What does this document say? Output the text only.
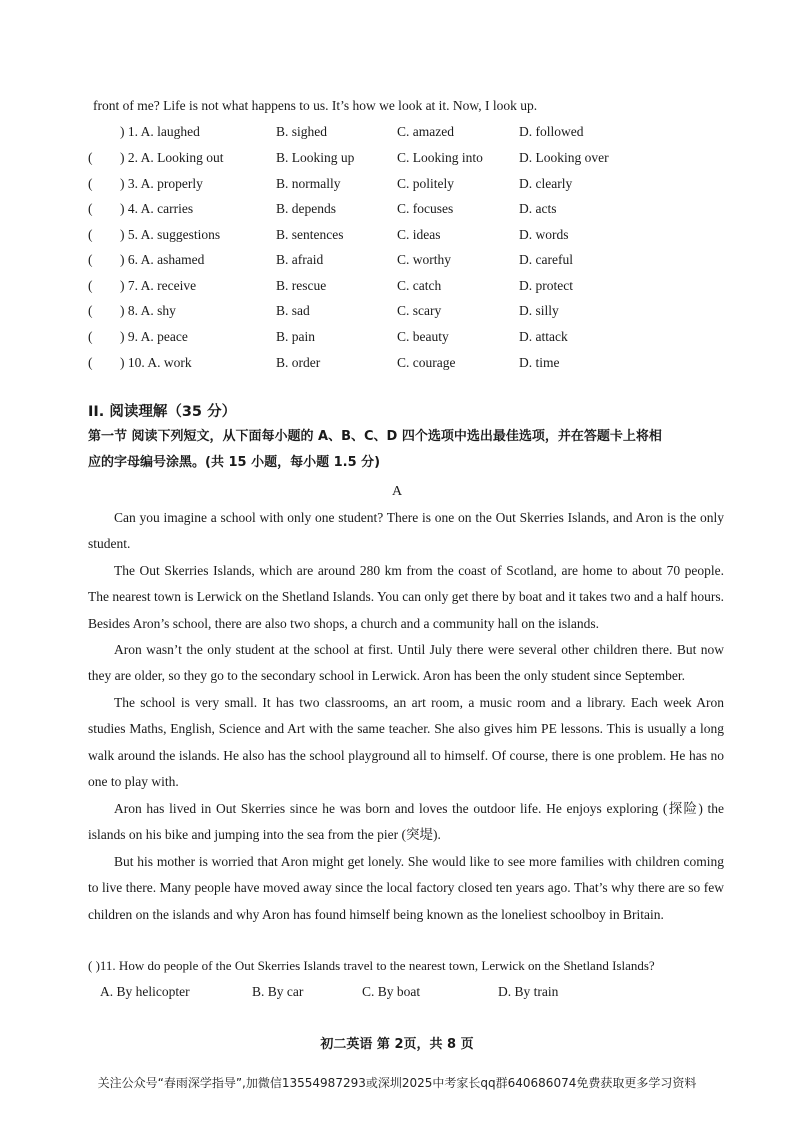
front of me? Life is not what happens to us. It’s how we look at it. Now, I look up.
) 1. A. laughed	B. sighed	C. amazed	D. followed
( ) 2. A. Looking out	B. Looking up	C. Looking into	D. Looking over
( ) 3. A. properly	B. normally	C. politely	D. clearly
( ) 4. A. carries	B. depends	C. focuses	D. acts
( ) 5. A. suggestions	B. sentences	C. ideas	D. words
( ) 6. A. ashamed	B. afraid	C. worthy	D. careful
( ) 7. A. receive	B. rescue	C. catch	D. protect
( ) 8. A. shy	B. sad	C. scary	D. silly
( ) 9. A. peace	B. pain	C. beauty	D. attack
( ) 10. A. work	B. order	C. courage	D. time
II. 阅读理解（35 分）
第一节 阅读下列短文，从下面每小题的 A、B、C、D 四个选项中选出最佳选项，并在答题卡上将相
应的字母编号涂黑。(共 15 小题，每小题 1.5 分)
A

Can you imagine a school with only one student? There is one on the Out Skerries Islands, and Aron is the only student.

The Out Skerries Islands, which are around 280 km from the coast of Scotland, are home to about 70 people. The nearest town is Lerwick on the Shetland Islands. You can only get there by boat and it takes two and a half hours. Besides Aron’s school, there are also two shops, a church and a community hall on the islands.

Aron wasn’t the only student at the school at first. Until July there were several other children there. But now they are older, so they go to the secondary school in Lerwick. Aron has been the only student since September.

The school is very small. It has two classrooms, an art room, a music room and a library. Each week Aron studies Maths, English, Science and Art with the same teacher. She also gives him PE lessons. This is usually a long walk around the islands. He also has the school playground all to himself. Of course, there is one problem. He has no one to play with.

Aron has lived in Out Skerries since he was born and loves the outdoor life. He enjoys exploring (探险) the islands on his bike and jumping into the sea from the pier (突堤).

But his mother is worried that Aron might get lonely. She would like to see more families with children coming to live there. Many people have moved away since the local factory closed ten years ago. That’s why there are so few children on the islands and why Aron has found himself being known as the loneliest schoolboy in Britain.

( )11. How do people of the Out Skerries Islands travel to the nearest town, Lerwick on the Shetland Islands?
A. By helicopter	B. By car	C. By boat	D. By train
初二英语 第 2页，共 8 页
关注公众号“春雨深学指导”,加微信13554987293或深圳2025中考家长qq群640686074免费获取更多学习资料
